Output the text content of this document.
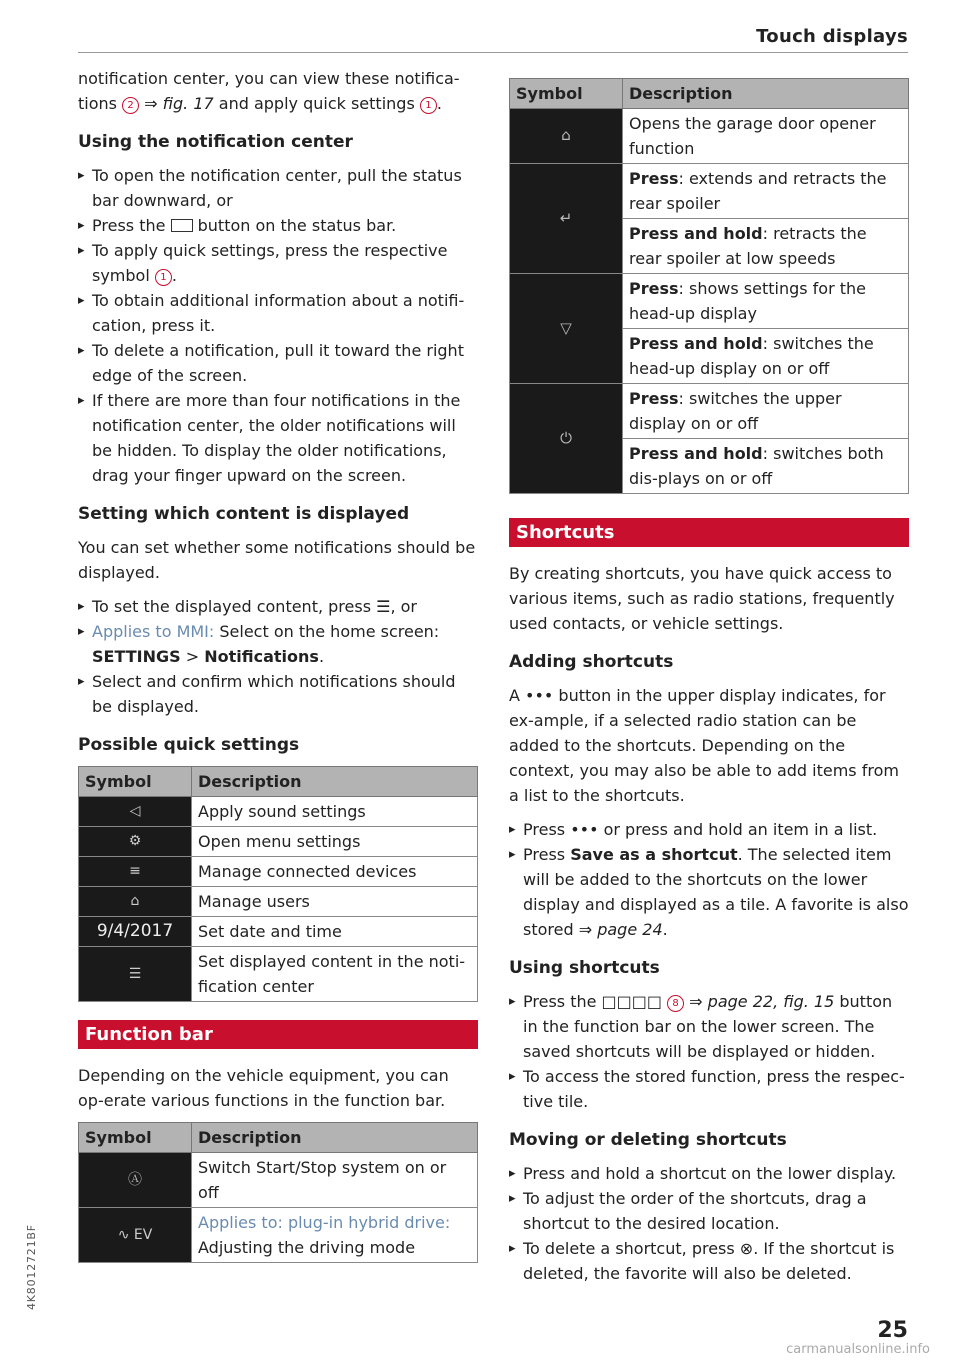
Touch displays

notification center, you can view these notifica-tions 2 ⇒ fig. 17 and apply quick settings 1 .

Using the notification center
▸ To open the notification center, pull the status bar downward, or
▸ Press the  button on the status bar.
▸ To apply quick settings, press the respective symbol 1 .
▸ To obtain additional information about a notifi-cation, press it.
▸ To delete a notification, pull it toward the right edge of the screen.
▸ If there are more than four notifications in the notification center, the older notifications will be hidden. To display the older notifications, drag your finger upward on the screen.
Setting which content is displayed

You can set whether some notifications should be displayed.

▸ To set the displayed content, press ☰, or
▸ Applies to MMI: Select on the home screen: SETTINGS > Notifications.
▸ Select and confirm which notifications should be displayed.
Possible quick settings
Symbol	Description
◁	Apply sound settings
⚙	Open menu settings
≡	Manage connected devices
⌂	Manage users
9/4/2017	Set date and time
☰	Set displayed content in the noti-fication center
Function bar

Depending on the vehicle equipment, you can op-erate various functions in the function bar.

Symbol	Description
Ⓐ	Switch Start/Stop system on or off
∿ EV	Applies to: plug-in hybrid drive:
Adjusting the driving mode
Symbol	Description
⌂	Opens the garage door opener function
↵	Press: extends and retracts the rear spoiler
	Press and hold: retracts the rear spoiler at low speeds
▽	Press: shows settings for the head-up display
	Press and hold: switches the head-up display on or off
⏻	Press: switches the upper display on or off
	Press and hold: switches both dis-plays on or off
Shortcuts

By creating shortcuts, you have quick access to various items, such as radio stations, frequently used contacts, or vehicle settings.

Adding shortcuts

A ••• button in the upper display indicates, for ex-ample, if a selected radio station can be added to the shortcuts. Depending on the context, you may also be able to add items from a list to the shortcuts.

▸ Press ••• or press and hold an item in a list.
▸ Press Save as a shortcut. The selected item will be added to the shortcuts on the lower display and displayed as a tile. A favorite is also stored ⇒ page 24.
Using shortcuts
▸ Press the □□□□ 8 ⇒ page 22, fig. 15 button in the function bar on the lower screen. The saved shortcuts will be displayed or hidden.
▸ To access the stored function, press the respec-tive tile.
Moving or deleting shortcuts
▸ Press and hold a shortcut on the lower display.
▸ To adjust the order of the shortcuts, drag a shortcut to the desired location.
▸ To delete a shortcut, press ⊗. If the shortcut is deleted, the favorite will also be deleted.
4K8012721BF
25
carmanualsonline.info
